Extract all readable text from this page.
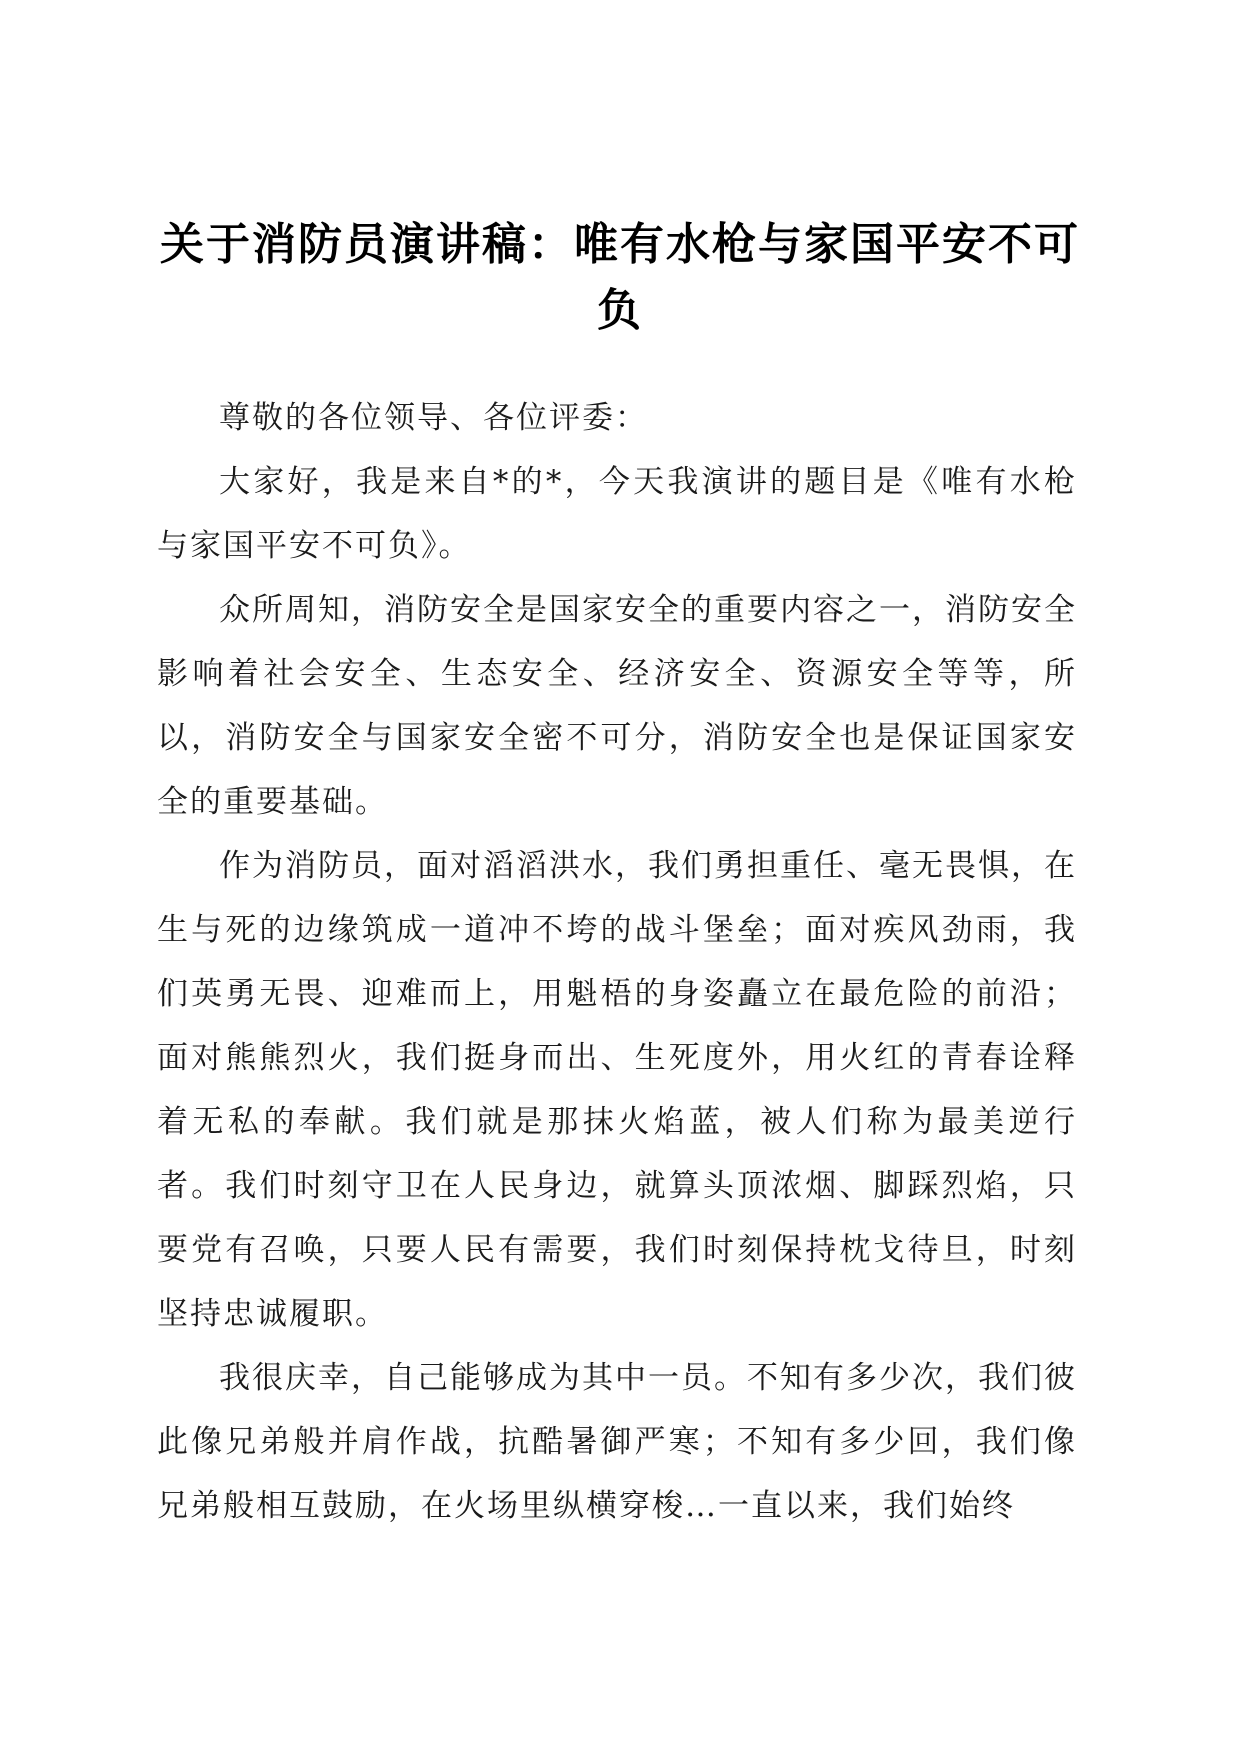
关于消防员演讲稿：唯有水枪与家国平安不可负

尊敬的各位领导、各位评委：

大家好，我是来自*的*，今天我演讲的题目是《唯有水枪与家国平安不可负》。

众所周知，消防安全是国家安全的重要内容之一，消防安全影响着社会安全、生态安全、经济安全、资源安全等等，所以，消防安全与国家安全密不可分，消防安全也是保证国家安全的重要基础。

作为消防员，面对滔滔洪水，我们勇担重任、毫无畏惧，在生与死的边缘筑成一道冲不垮的战斗堡垒；面对疾风劲雨，我们英勇无畏、迎难而上，用魁梧的身姿矗立在最危险的前沿；面对熊熊烈火，我们挺身而出、生死度外，用火红的青春诠释着无私的奉献。我们就是那抹火焰蓝，被人们称为最美逆行者。我们时刻守卫在人民身边，就算头顶浓烟、脚踩烈焰，只要党有召唤，只要人民有需要，我们时刻保持枕戈待旦，时刻坚持忠诚履职。

我很庆幸，自己能够成为其中一员。不知有多少次，我们彼此像兄弟般并肩作战，抗酷暑御严寒；不知有多少回，我们像兄弟般相互鼓励，在火场里纵横穿梭…一直以来，我们始终
